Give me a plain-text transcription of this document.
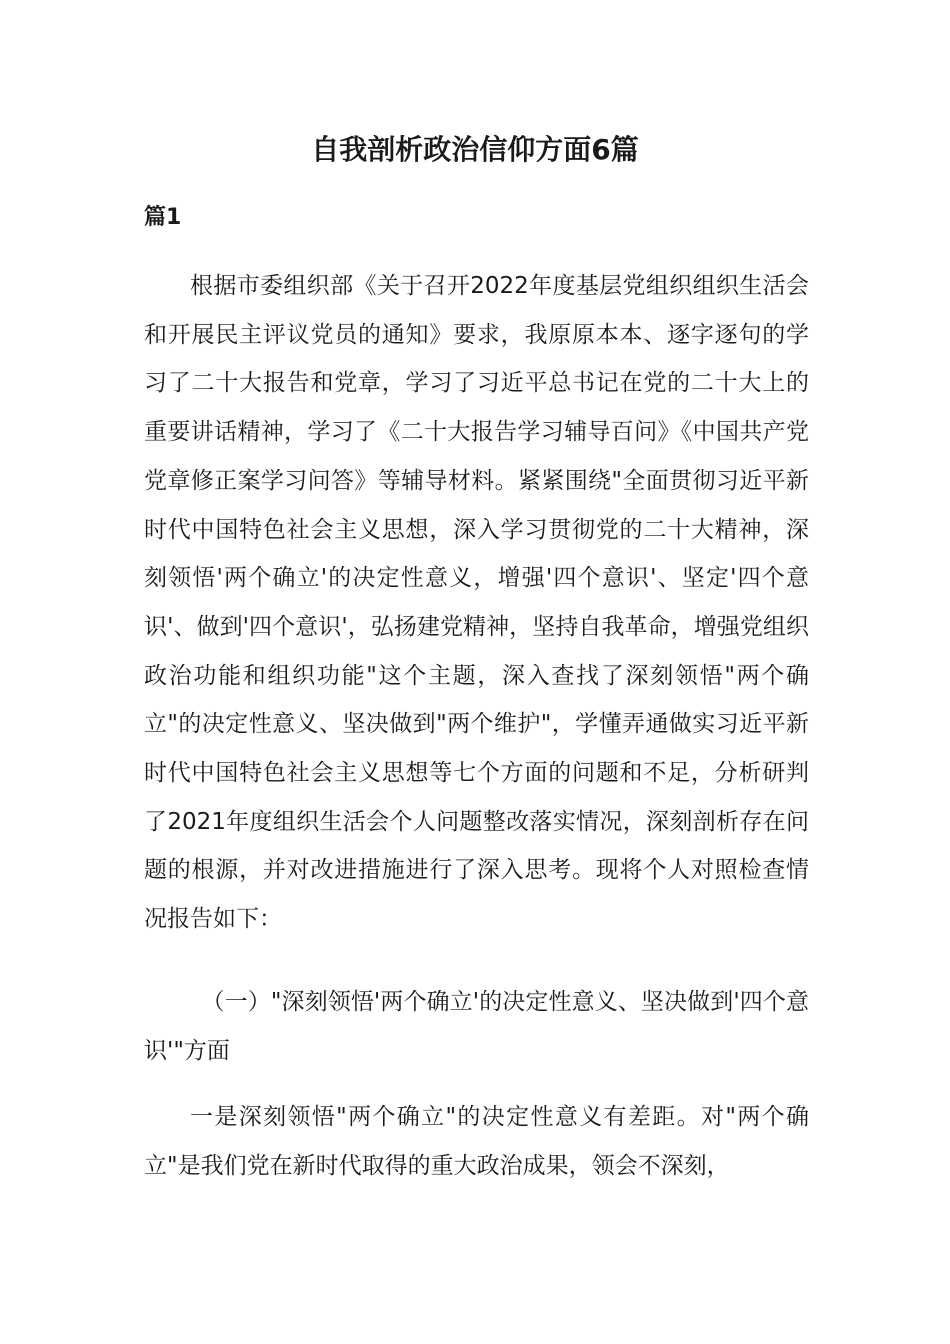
自我剖析政治信仰方面6篇
篇1

根据市委组织部《关于召开2022年度基层党组织组织生活会和开展民主评议党员的通知》要求，我原原本本、逐字逐句的学习了二十大报告和党章，学习了习近平总书记在党的二十大上的重要讲话精神，学习了《二十大报告学习辅导百问》《中国共产党党章修正案学习问答》等辅导材料。紧紧围绕"全面贯彻习近平新时代中国特色社会主义思想，深入学习贯彻党的二十大精神，深刻领悟'两个确立'的决定性意义，增强'四个意识'、坚定'四个意识'、做到'四个意识'，弘扬建党精神，坚持自我革命，增强党组织政治功能和组织功能"这个主题，深入查找了深刻领悟"两个确立"的决定性意义、坚决做到"两个维护"，学懂弄通做实习近平新时代中国特色社会主义思想等七个方面的问题和不足，分析研判了2021年度组织生活会个人问题整改落实情况，深刻剖析存在问题的根源，并对改进措施进行了深入思考。现将个人对照检查情况报告如下：

（一）"深刻领悟'两个确立'的决定性意义、坚决做到'四个意识'"方面

一是深刻领悟"两个确立"的决定性意义有差距。对"两个确立"是我们党在新时代取得的重大政治成果，领会不深刻，
